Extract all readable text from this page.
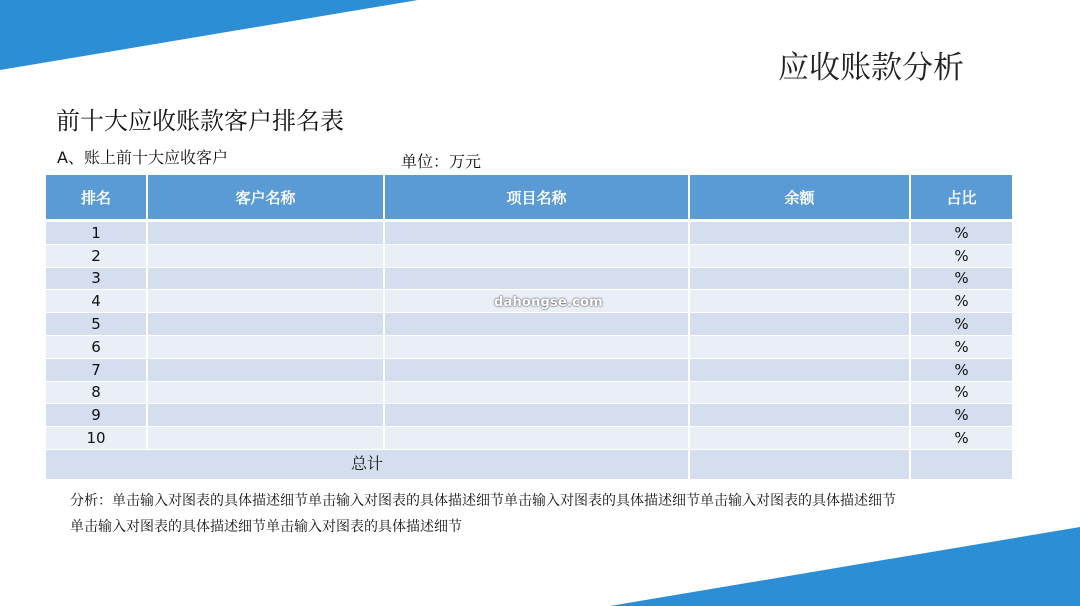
应收账款分析
前十大应收账款客户排名表
A、账上前十大应收客户	单位：万元
排名	客户名称	项目名称	余额	占比
1				%
2				%
3				%
4				%
5				%
6				%
7				%
8				%
9				%
10				%
总计				
dahongse.com

分析：单击输入对图表的具体描述细节单击输入对图表的具体描述细节单击输入对图表的具体描述细节单击输入对图表的具体描述细节

单击输入对图表的具体描述细节单击输入对图表的具体描述细节
